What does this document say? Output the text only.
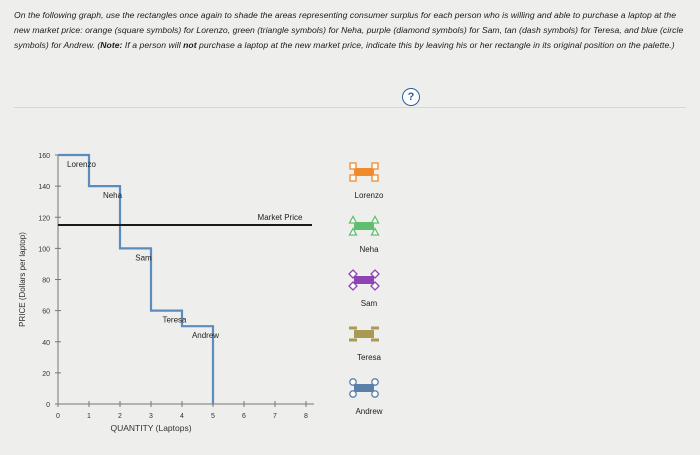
On the following graph, use the rectangles once again to shade the areas representing consumer surplus for each person who is willing and able to purchase a laptop at the new market price: orange (square symbols) for Lorenzo, green (triangle symbols) for Neha, purple (diamond symbols) for Sam, tan (dash symbols) for Teresa, and blue (circle symbols) for Andrew. (Note: If a person will not purchase a laptop at the new market price, indicate this by leaving his or her rectangle in its original position on the palette.)
?
0
20
40
60
80
100
120
140
160
0	1	2	3	4	5	6	7	8
PRICE (Dollars per laptop)
QUANTITY (Laptops)
Lorenzo
Neha
Sam
Teresa
Andrew
Market Price
Lorenzo
Neha
Sam
Teresa
Andrew
